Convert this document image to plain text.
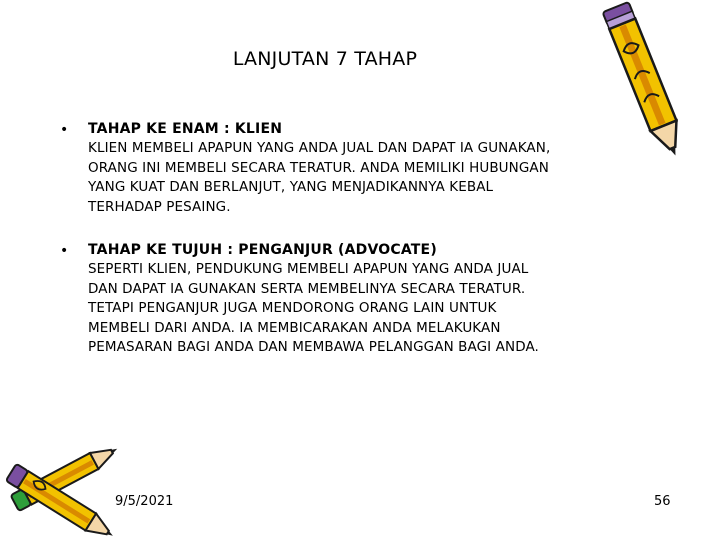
LANJUTAN 7 TAHAP
• TAHAP KE ENAM : KLIEN
KLIEN MEMBELI APAPUN YANG ANDA JUAL DAN DAPAT IA GUNAKAN,
ORANG INI MEMBELI SECARA TERATUR. ANDA MEMILIKI HUBUNGAN
YANG KUAT DAN BERLANJUT, YANG MENJADIKANNYA KEBAL
TERHADAP PESAING.
• TAHAP KE TUJUH : PENGANJUR (ADVOCATE)
SEPERTI KLIEN, PENDUKUNG MEMBELI APAPUN YANG ANDA JUAL
DAN DAPAT IA GUNAKAN SERTA MEMBELINYA SECARA TERATUR.
TETAPI PENGANJUR JUGA MENDORONG ORANG LAIN UNTUK
MEMBELI DARI ANDA. IA MEMBICARAKAN ANDA MELAKUKAN
PEMASARAN BAGI ANDA DAN MEMBAWA PELANGGAN BAGI ANDA.
9/5/2021	56
